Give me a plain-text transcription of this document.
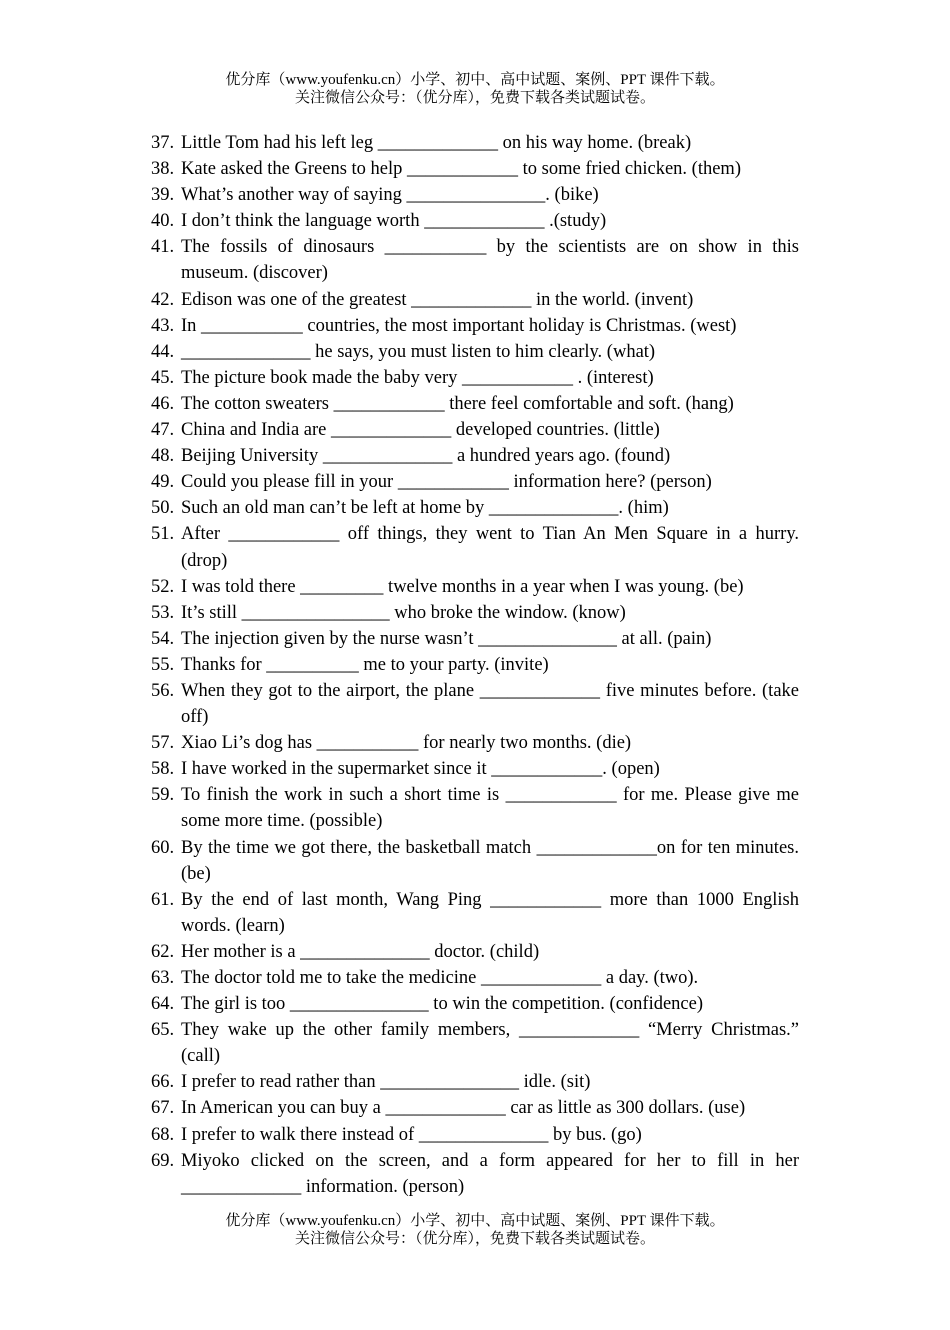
优分库（www.youfenku.cn）小学、初中、高中试题、案例、PPT 课件下载。
关注微信公众号：（优分库），免费下载各类试题试卷。
37. Little Tom had his left leg _____________ on his way home. (break)
38. Kate asked the Greens to help ____________ to some fried chicken. (them)
39. What’s another way of saying _______________. (bike)
40. I don’t think the language worth _____________ .(study)
41. The fossils of dinosaurs ___________ by the scientists are on show in this museum. (discover)
42. Edison was one of the greatest _____________ in the world. (invent)
43. In ___________ countries, the most important holiday is Christmas. (west)
44. ______________ he says, you must listen to him clearly. (what)
45. The picture book made the baby very ____________ . (interest)
46. The cotton sweaters ____________ there feel comfortable and soft. (hang)
47. China and India are _____________ developed countries. (little)
48. Beijing University ______________ a hundred years ago. (found)
49. Could you please fill in your ____________ information here? (person)
50. Such an old man can’t be left at home by ______________. (him)
51. After ____________ off things, they went to Tian An Men Square in a hurry. (drop)
52. I was told there _________ twelve months in a year when I was young. (be)
53. It’s still ________________ who broke the window. (know)
54. The injection given by the nurse wasn’t _______________ at all. (pain)
55. Thanks for __________ me to your party. (invite)
56. When they got to the airport, the plane _____________ five minutes before. (take off)
57. Xiao Li’s dog has ___________ for nearly two months. (die)
58. I have worked in the supermarket since it ____________. (open)
59. To finish the work in such a short time is ____________ for me. Please give me some more time. (possible)
60. By the time we got there, the basketball match _____________on for ten minutes. (be)
61. By the end of last month, Wang Ping ____________ more than 1000 English words. (learn)
62. Her mother is a ______________ doctor. (child)
63. The doctor told me to take the medicine _____________ a day. (two).
64. The girl is too _______________ to win the competition. (confidence)
65. They wake up the other family members, _____________ “Merry Christmas.” (call)
66. I prefer to read rather than _______________ idle. (sit)
67. In American you can buy a _____________ car as little as 300 dollars. (use)
68. I prefer to walk there instead of ______________ by bus. (go)
69. Miyoko clicked on the screen, and a form appeared for her to fill in her _____________ information. (person)
优分库（www.youfenku.cn）小学、初中、高中试题、案例、PPT 课件下载。
关注微信公众号：（优分库），免费下载各类试题试卷。
